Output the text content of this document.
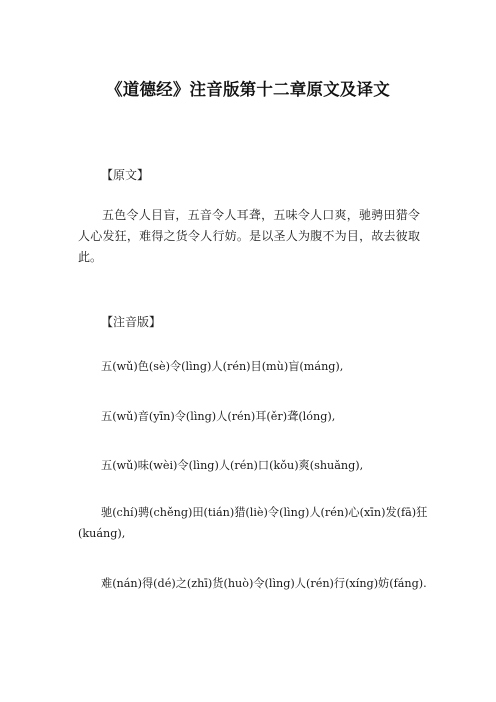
《道德经》注音版第十二章原文及译文
【原文】
五色令人目盲，五音令人耳聋，五味令人口爽，驰骋田猎令人心发狂，难得之货令人行妨。是以圣人为腹不为目，故去彼取此。
【注音版】
五(wǔ)色(sè)令(lìng)人(rén)目(mù)盲(máng),
五(wǔ)音(yīn)令(lìng)人(rén)耳(ěr)聋(lóng),
五(wǔ)味(wèi)令(lìng)人(rén)口(kǒu)爽(shuǎng),
驰(chí)骋(chěng)田(tián)猎(liè)令(lìng)人(rén)心(xīn)发(fā)狂(kuáng),
难(nán)得(dé)之(zhī)货(huò)令(lìng)人(rén)行(xíng)妨(fáng).
